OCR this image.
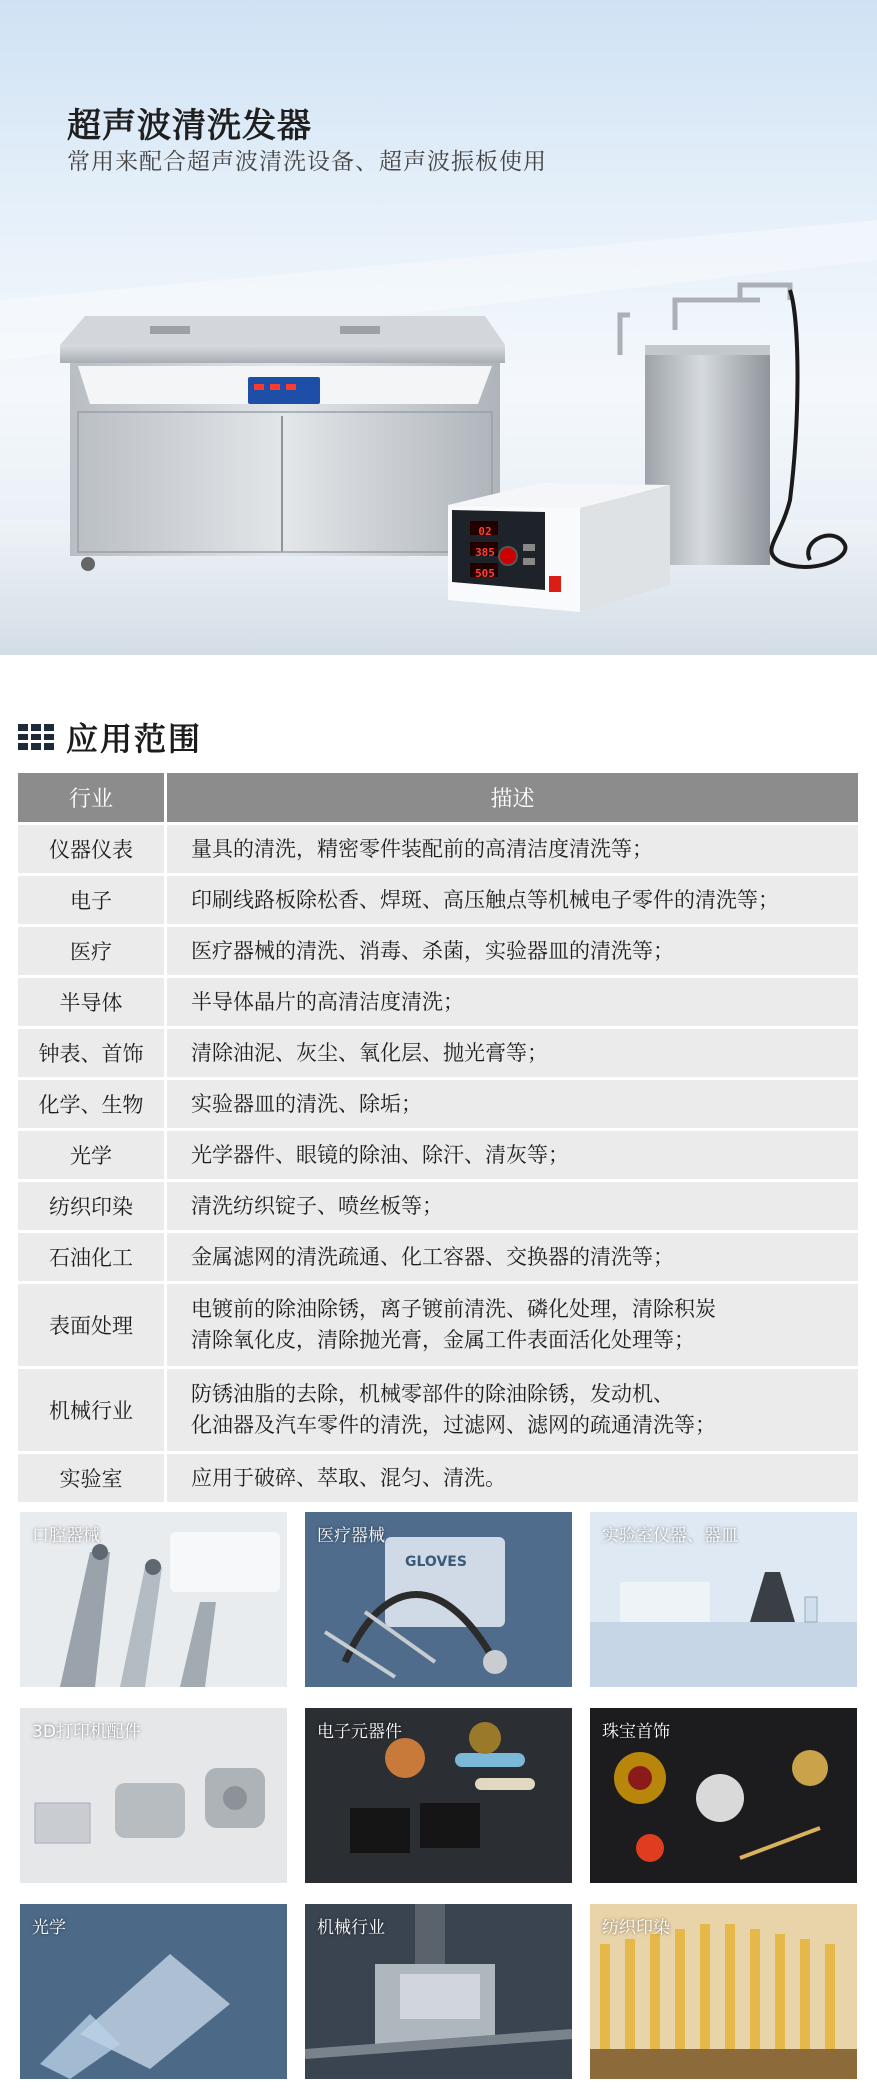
02
385
505
超声波清洗发器
常用来配合超声波清洗设备、超声波振板使用
应用范围
行业	描述
仪器仪表	量具的清洗，精密零件装配前的高清洁度清洗等；

电子	印刷线路板除松香、焊斑、高压触点等机械电子零件的清洗等；

医疗	医疗器械的清洗、消毒、杀菌，实验器皿的清洗等；

半导体	半导体晶片的高清洁度清洗；

钟表、首饰	清除油泥、灰尘、氧化层、抛光膏等；

化学、生物	实验器皿的清洗、除垢；

光学	光学器件、眼镜的除油、除汗、清灰等；

纺织印染	清洗纺织锭子、喷丝板等；

石油化工	金属滤网的清洗疏通、化工容器、交换器的清洗等；

表面处理	电镀前的除油除锈，离子镀前清洗、磷化处理，清除积炭
清除氧化皮，清除抛光膏，金属工件表面活化处理等；

机械行业	防锈油脂的去除，机械零部件的除油除锈，发动机、
化油器及汽车零件的清洗，过滤网、滤网的疏通清洗等；

实验室	应用于破碎、萃取、混匀、清洗。
口腔器械	医疗器械
GLOVES
实验室仪器、器皿
3D打印机配件	电子元器件	珠宝首饰
光学	机械行业	纺织印染
